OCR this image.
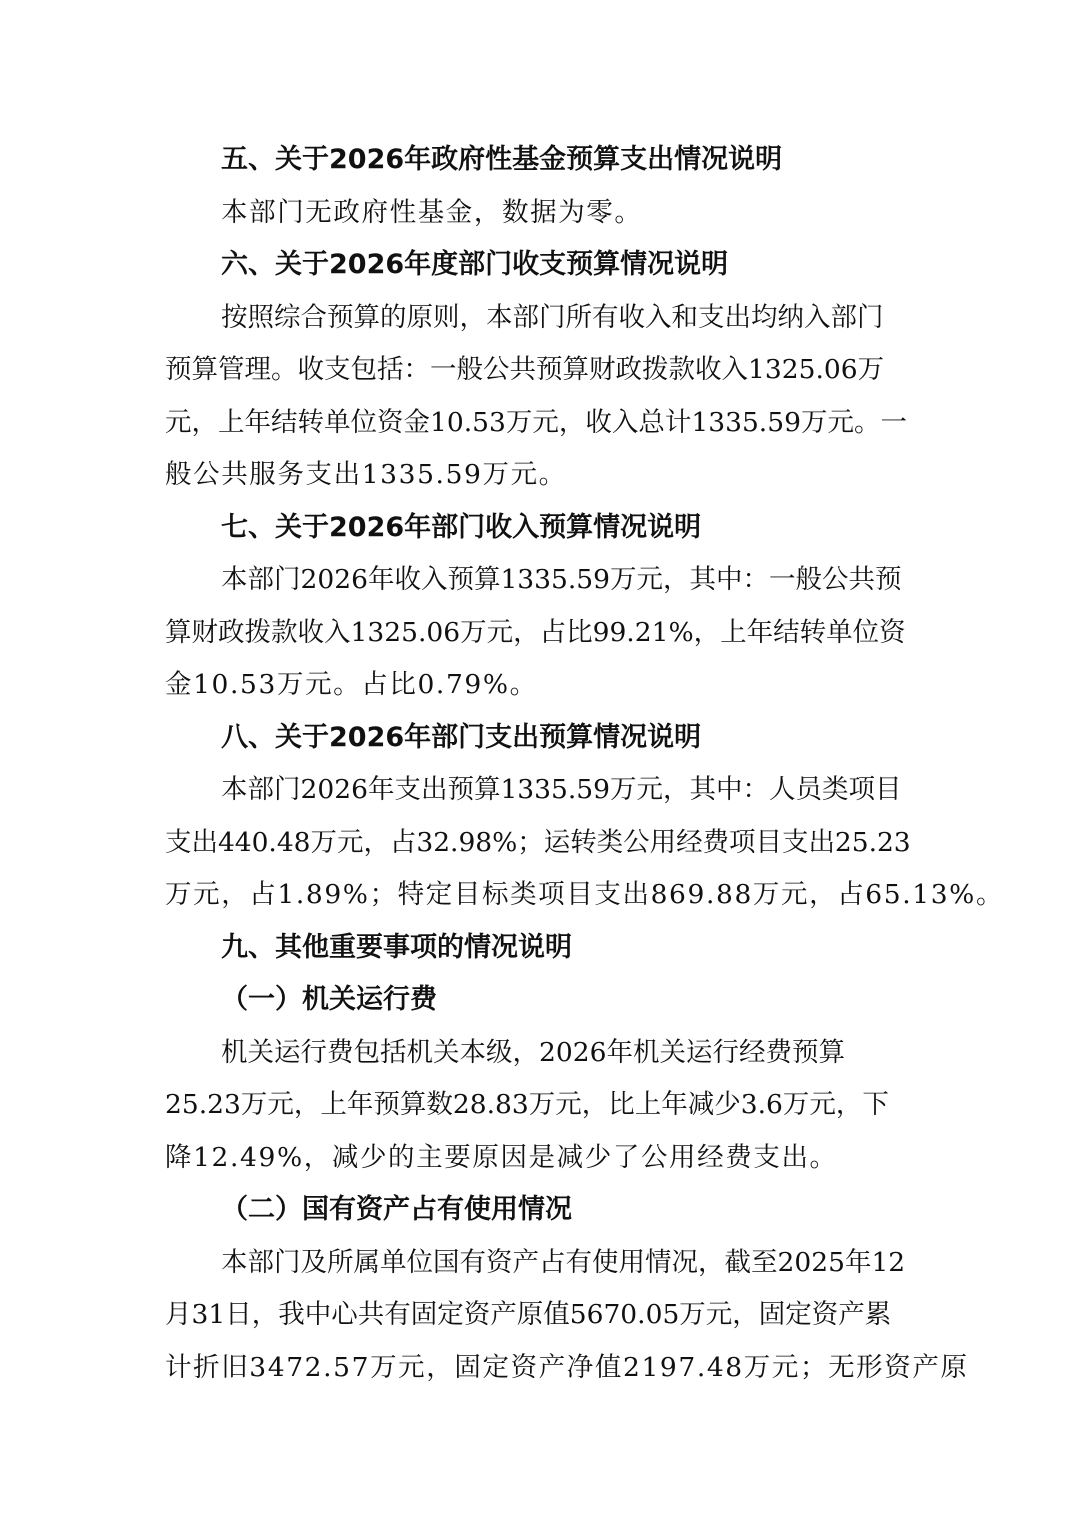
五、关于2026年政府性基金预算支出情况说明

本部门无政府性基金，数据为零。

六、关于2026年度部门收支预算情况说明

按照综合预算的原则，本部门所有收入和支出均纳入部门
预算管理。收支包括：一般公共预算财政拨款收入1325.06万
元，上年结转单位资金10.53万元，收入总计1335.59万元。一
般公共服务支出1335.59万元。

七、关于2026年部门收入预算情况说明

本部门2026年收入预算1335.59万元，其中：一般公共预
算财政拨款收入1325.06万元，占比99.21%，上年结转单位资
金10.53万元。占比0.79%。

八、关于2026年部门支出预算情况说明

本部门2026年支出预算1335.59万元，其中：人员类项目
支出440.48万元，占32.98%；运转类公用经费项目支出25.23
万元，占1.89%；特定目标类项目支出869.88万元，占65.13%。

九、其他重要事项的情况说明

（一）机关运行费

机关运行费包括机关本级，2026年机关运行经费预算
25.23万元，上年预算数28.83万元，比上年减少3.6万元，下
降12.49%，减少的主要原因是减少了公用经费支出。

（二）国有资产占有使用情况

本部门及所属单位国有资产占有使用情况，截至2025年12
月31日，我中心共有固定资产原值5670.05万元，固定资产累
计折旧3472.57万元，固定资产净值2197.48万元；无形资产原
